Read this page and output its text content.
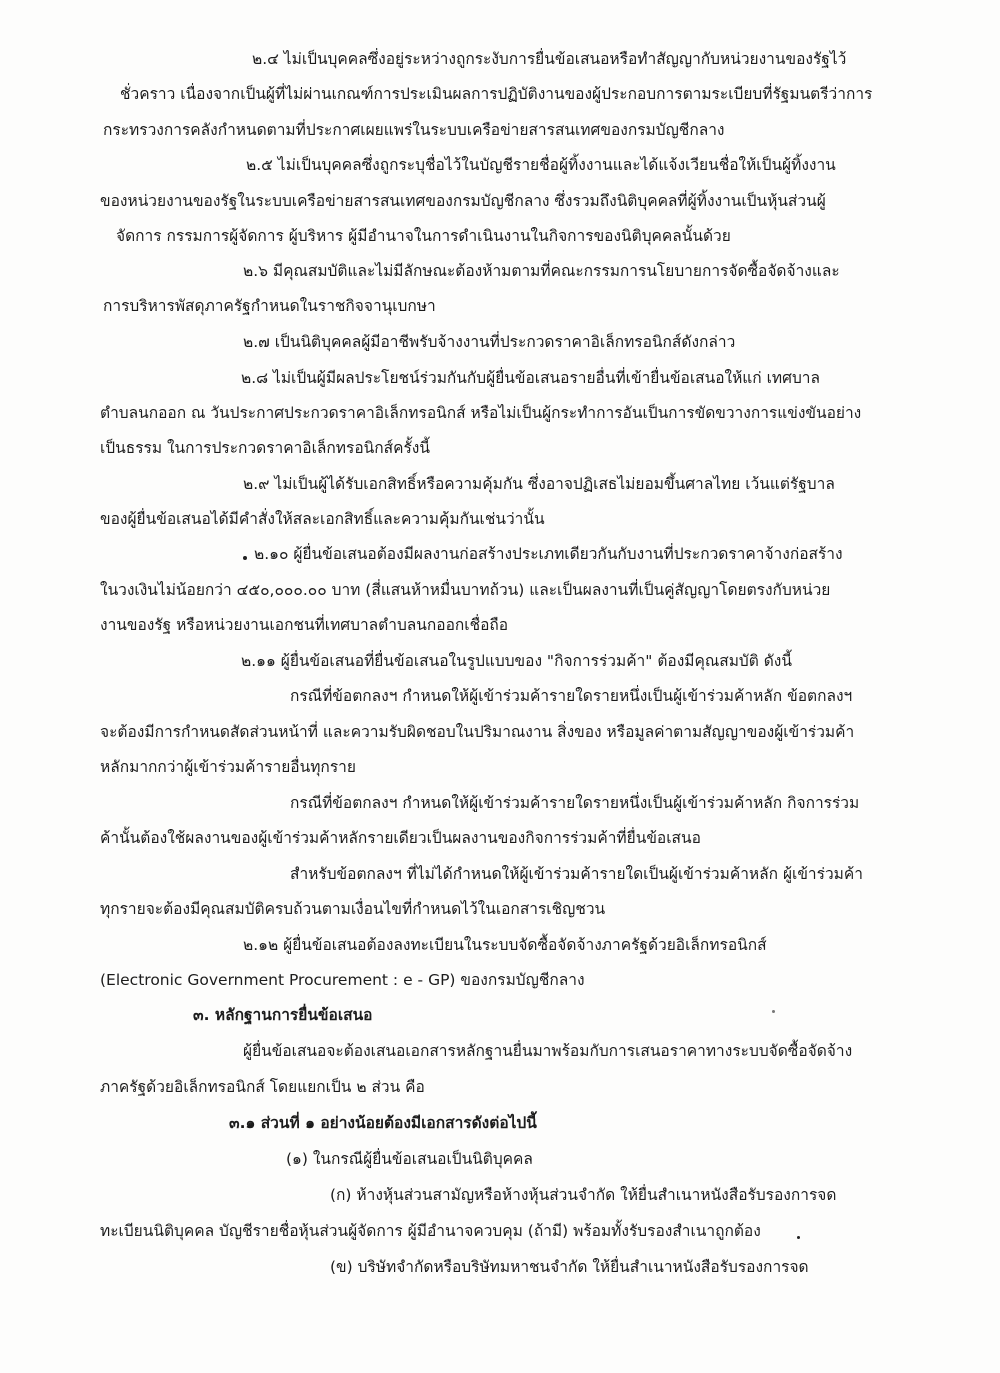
๒.๔ ไม่เป็นบุคคลซึ่งอยู่ระหว่างถูกระงับการยื่นข้อเสนอหรือทำสัญญากับหน่วยงานของรัฐไว้
ชั่วคราว เนื่องจากเป็นผู้ที่ไม่ผ่านเกณฑ์การประเมินผลการปฏิบัติงานของผู้ประกอบการตามระเบียบที่รัฐมนตรีว่าการ
กระทรวงการคลังกำหนดตามที่ประกาศเผยแพร่ในระบบเครือข่ายสารสนเทศของกรมบัญชีกลาง
๒.๕ ไม่เป็นบุคคลซึ่งถูกระบุชื่อไว้ในบัญชีรายชื่อผู้ทิ้งงานและได้แจ้งเวียนชื่อให้เป็นผู้ทิ้งงาน
ของหน่วยงานของรัฐในระบบเครือข่ายสารสนเทศของกรมบัญชีกลาง ซึ่งรวมถึงนิติบุคคลที่ผู้ทิ้งงานเป็นหุ้นส่วนผู้
จัดการ กรรมการผู้จัดการ ผู้บริหาร ผู้มีอำนาจในการดำเนินงานในกิจการของนิติบุคคลนั้นด้วย
๒.๖ มีคุณสมบัติและไม่มีลักษณะต้องห้ามตามที่คณะกรรมการนโยบายการจัดซื้อจัดจ้างและ
การบริหารพัสดุภาครัฐกำหนดในราชกิจจานุเบกษา
๒.๗ เป็นนิติบุคคลผู้มีอาชีพรับจ้างงานที่ประกวดราคาอิเล็กทรอนิกส์ดังกล่าว
๒.๘ ไม่เป็นผู้มีผลประโยชน์ร่วมกันกับผู้ยื่นข้อเสนอรายอื่นที่เข้ายื่นข้อเสนอให้แก่ เทศบาล
ตำบลนกออก ณ วันประกาศประกวดราคาอิเล็กทรอนิกส์ หรือไม่เป็นผู้กระทำการอันเป็นการขัดขวางการแข่งขันอย่าง
เป็นธรรม ในการประกวดราคาอิเล็กทรอนิกส์ครั้งนี้
๒.๙ ไม่เป็นผู้ได้รับเอกสิทธิ์หรือความคุ้มกัน ซึ่งอาจปฏิเสธไม่ยอมขึ้นศาลไทย เว้นแต่รัฐบาล
ของผู้ยื่นข้อเสนอได้มีคำสั่งให้สละเอกสิทธิ์และความคุ้มกันเช่นว่านั้น
๒.๑๐ ผู้ยื่นข้อเสนอต้องมีผลงานก่อสร้างประเภทเดียวกันกับงานที่ประกวดราคาจ้างก่อสร้าง
ในวงเงินไม่น้อยกว่า ๔๕๐,๐๐๐.๐๐ บาท (สี่แสนห้าหมื่นบาทถ้วน) และเป็นผลงานที่เป็นคู่สัญญาโดยตรงกับหน่วย
งานของรัฐ หรือหน่วยงานเอกชนที่เทศบาลตำบลนกออกเชื่อถือ
๒.๑๑ ผู้ยื่นข้อเสนอที่ยื่นข้อเสนอในรูปแบบของ "กิจการร่วมค้า" ต้องมีคุณสมบัติ ดังนี้
กรณีที่ข้อตกลงฯ กำหนดให้ผู้เข้าร่วมค้ารายใดรายหนึ่งเป็นผู้เข้าร่วมค้าหลัก ข้อตกลงฯ
จะต้องมีการกำหนดสัดส่วนหน้าที่ และความรับผิดชอบในปริมาณงาน สิ่งของ หรือมูลค่าตามสัญญาของผู้เข้าร่วมค้า
หลักมากกว่าผู้เข้าร่วมค้ารายอื่นทุกราย
กรณีที่ข้อตกลงฯ กำหนดให้ผู้เข้าร่วมค้ารายใดรายหนึ่งเป็นผู้เข้าร่วมค้าหลัก กิจการร่วม
ค้านั้นต้องใช้ผลงานของผู้เข้าร่วมค้าหลักรายเดียวเป็นผลงานของกิจการร่วมค้าที่ยื่นข้อเสนอ
สำหรับข้อตกลงฯ ที่ไม่ได้กำหนดให้ผู้เข้าร่วมค้ารายใดเป็นผู้เข้าร่วมค้าหลัก ผู้เข้าร่วมค้า
ทุกรายจะต้องมีคุณสมบัติครบถ้วนตามเงื่อนไขที่กำหนดไว้ในเอกสารเชิญชวน
๒.๑๒ ผู้ยื่นข้อเสนอต้องลงทะเบียนในระบบจัดซื้อจัดจ้างภาครัฐด้วยอิเล็กทรอนิกส์
(Electronic Government Procurement : e - GP) ของกรมบัญชีกลาง
๓. หลักฐานการยื่นข้อเสนอ
ผู้ยื่นข้อเสนอจะต้องเสนอเอกสารหลักฐานยื่นมาพร้อมกับการเสนอราคาทางระบบจัดซื้อจัดจ้าง
ภาครัฐด้วยอิเล็กทรอนิกส์ โดยแยกเป็น ๒ ส่วน คือ
๓.๑ ส่วนที่ ๑ อย่างน้อยต้องมีเอกสารดังต่อไปนี้
(๑) ในกรณีผู้ยื่นข้อเสนอเป็นนิติบุคคล
(ก) ห้างหุ้นส่วนสามัญหรือห้างหุ้นส่วนจำกัด ให้ยื่นสำเนาหนังสือรับรองการจด
ทะเบียนนิติบุคคล บัญชีรายชื่อหุ้นส่วนผู้จัดการ ผู้มีอำนาจควบคุม (ถ้ามี) พร้อมทั้งรับรองสำเนาถูกต้อง
(ข) บริษัทจำกัดหรือบริษัทมหาชนจำกัด ให้ยื่นสำเนาหนังสือรับรองการจด
